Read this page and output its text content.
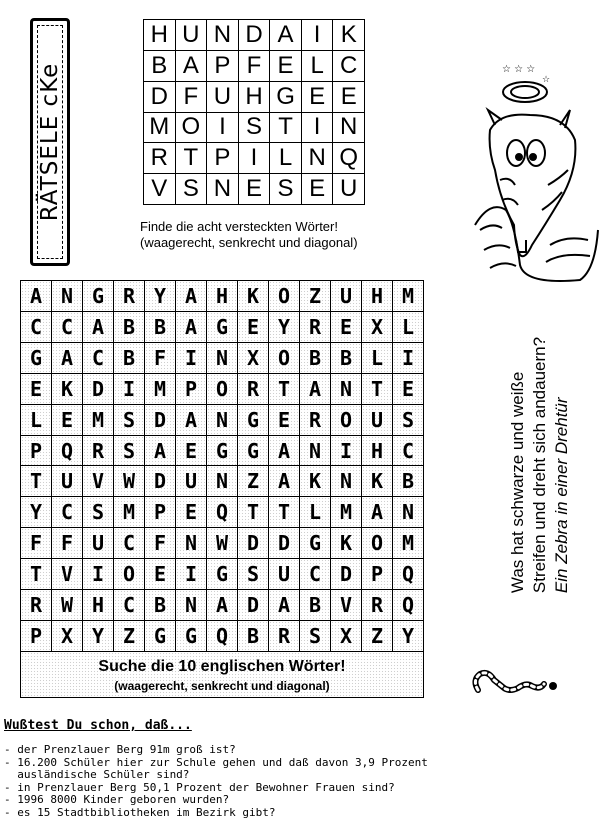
RÄTSELE cKe
H U N D A I K
B A P F E L C
D F U H G E E
M O I S T I N
R T P I L N Q
V S N E S E U
Finde die acht versteckten Wörter!
(waagerecht, senkrecht und diagonal)
☆ ☆ ☆
☆
A N G R Y A H K O Z U H M
C C A B B A G E Y R E X L
G A C B F I N X O B B L I
E K D I M P O R T A N T E
L E M S D A N G E R O U S
P Q R S A E G G A N I H C
T U V W D U N Z A K N K B
Y C S M P E Q T T L M A N
F F U C F N W D D G K O M
T V I O E I G S U C D P Q
R W H C B N A D A B V R Q
P X Y Z G G Q B R S X Z Y
Suche die 10 englischen Wörter!
(waagerecht, senkrecht und diagonal)
Was hat schwarze und weiße Streifen und dreht sich andauern? Ein Zebra in einer Drehtür
Wußtest Du schon, daß...
- der Prenzlauer Berg 91m groß ist?
- 16.200 Schüler hier zur Schule gehen und daß davon 3,9 Prozent
ausländische Schüler sind?
- in Prenzlauer Berg 50,1 Prozent der Bewohner Frauen sind?
- 1996 8000 Kinder geboren wurden?
- es 15 Stadtbibliotheken im Bezirk gibt?
